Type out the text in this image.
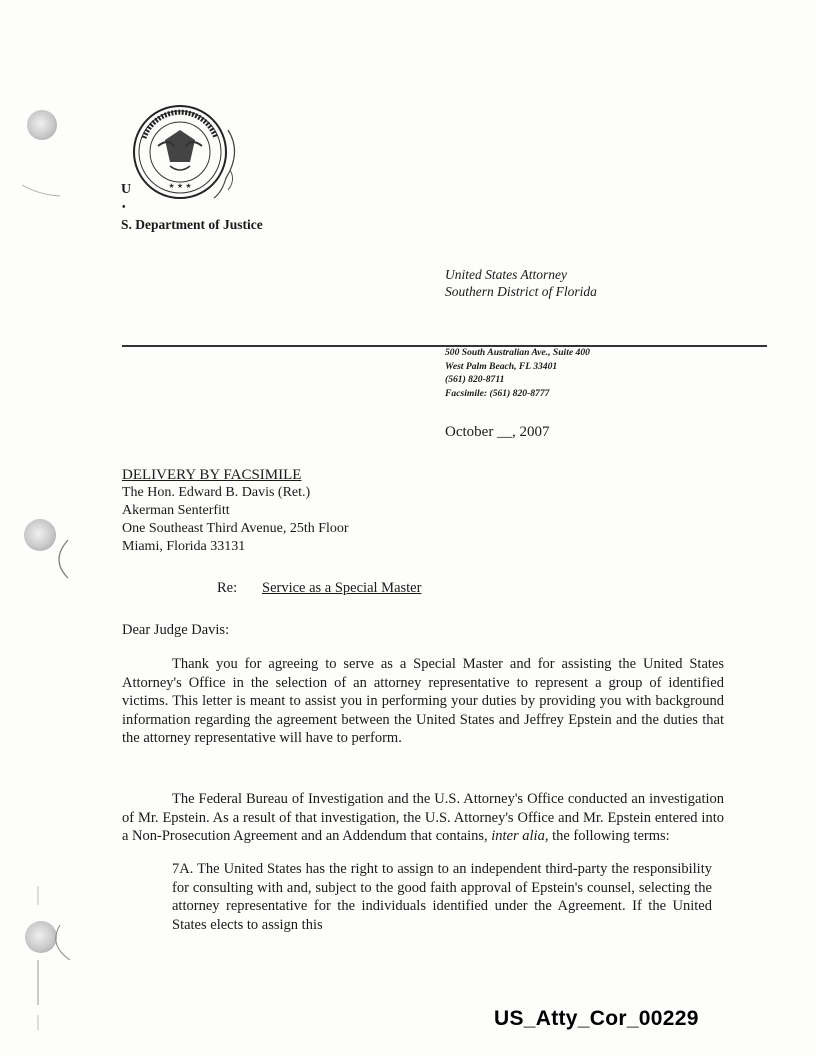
★ ★ ★
U
•
S. Department of Justice
United States Attorney
Southern District of Florida
500 South Australian Ave., Suite 400
West Palm Beach, FL 33401
(561) 820-8711
Facsimile: (561) 820-8777
October __, 2007
DELIVERY BY FACSIMILE
The Hon. Edward B. Davis (Ret.)
Akerman Senterfitt
One Southeast Third Avenue, 25th Floor
Miami, Florida 33131
Re: Service as a Special Master
Dear Judge Davis:
Thank you for agreeing to serve as a Special Master and for assisting the United States Attorney's Office in the selection of an attorney representative to represent a group of identified victims. This letter is meant to assist you in performing your duties by providing you with background information regarding the agreement between the United States and Jeffrey Epstein and the duties that the attorney representative will have to perform.
The Federal Bureau of Investigation and the U.S. Attorney's Office conducted an investigation of Mr. Epstein. As a result of that investigation, the U.S. Attorney's Office and Mr. Epstein entered into a Non-Prosecution Agreement and an Addendum that contains, inter alia, the following terms:
7A. The United States has the right to assign to an independent third-party the responsibility for consulting with and, subject to the good faith approval of Epstein's counsel, selecting the attorney representative for the individuals identified under the Agreement. If the United States elects to assign this
US_Atty_Cor_00229
